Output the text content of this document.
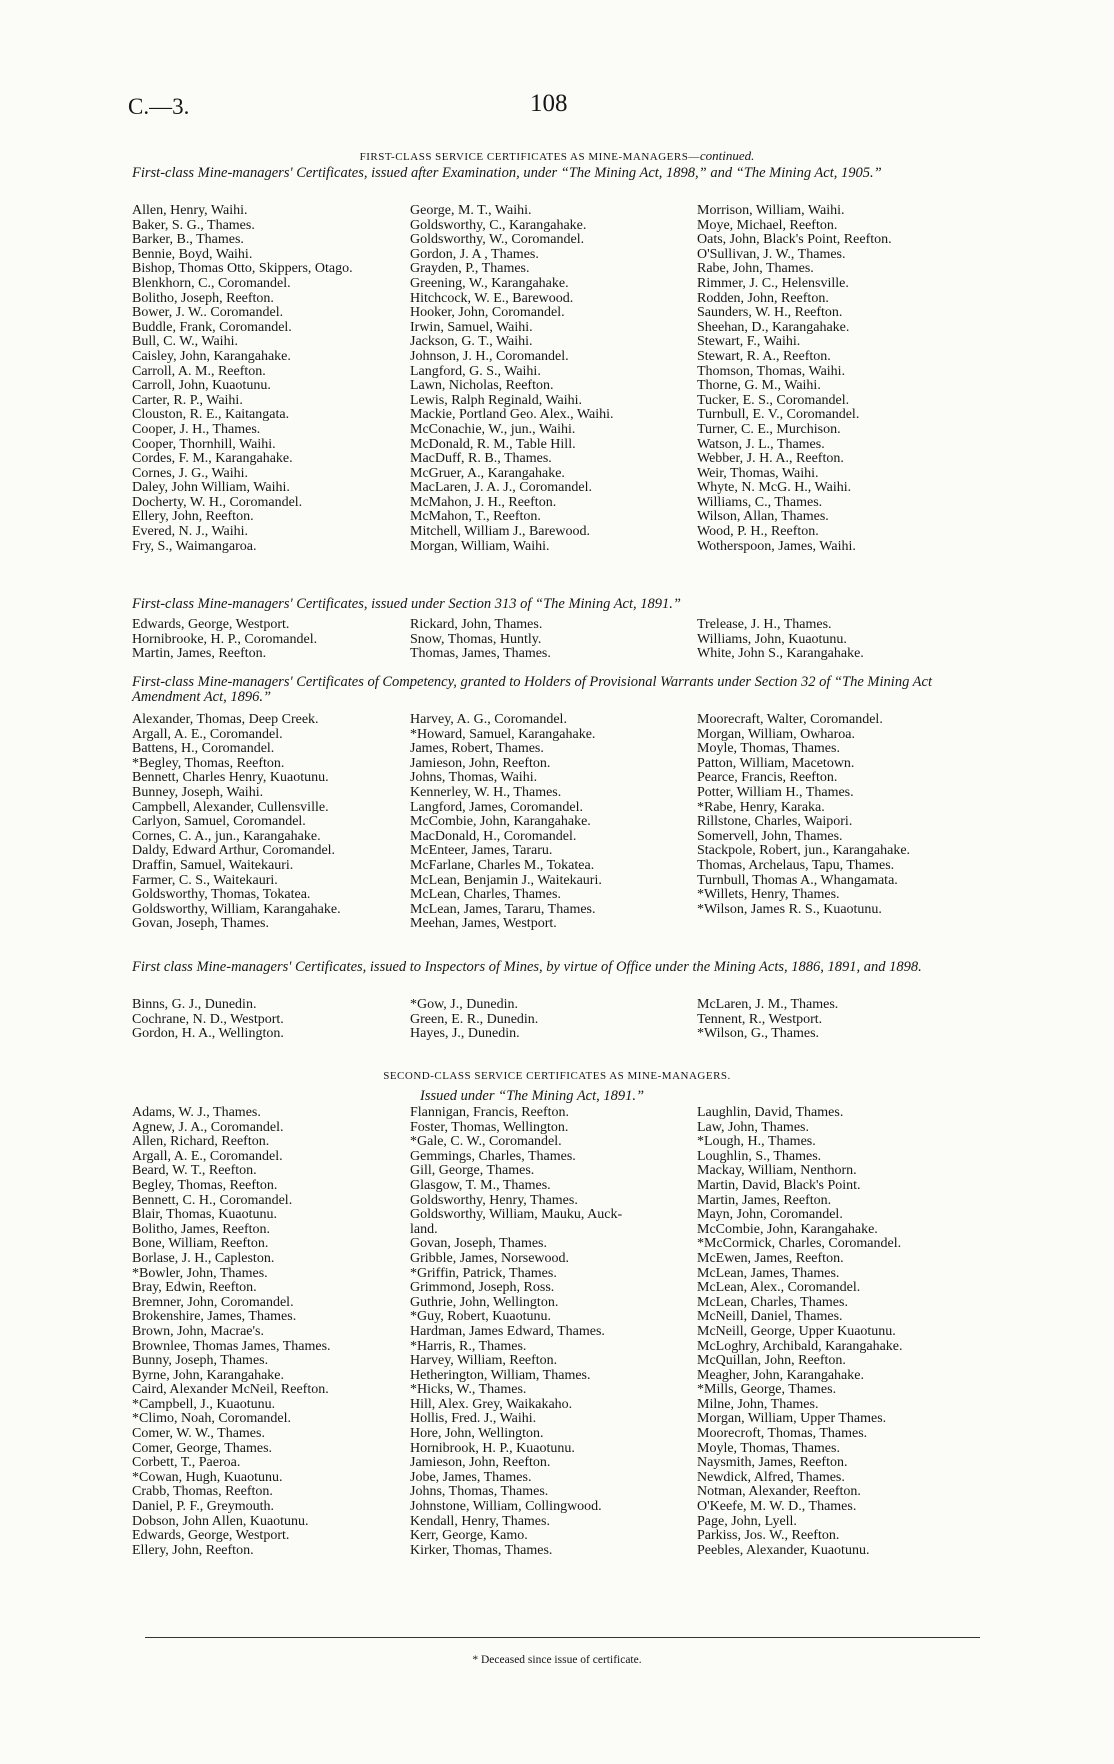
C.—3.	108
FIRST-CLASS SERVICE CERTIFICATES AS MINE-MANAGERS—continued.
First-class Mine-managers' Certificates, issued after Examination, under “The Mining Act, 1898,” and “The Mining Act, 1905.”
Allen, Henry, Waihi.
Baker, S. G., Thames.
Barker, B., Thames.
Bennie, Boyd, Waihi.
Bishop, Thomas Otto, Skippers, Otago.
Blenkhorn, C., Coromandel.
Bolitho, Joseph, Reefton.
Bower, J. W.. Coromandel.
Buddle, Frank, Coromandel.
Bull, C. W., Waihi.
Caisley, John, Karangahake.
Carroll, A. M., Reefton.
Carroll, John, Kuaotunu.
Carter, R. P., Waihi.
Clouston, R. E., Kaitangata.
Cooper, J. H., Thames.
Cooper, Thornhill, Waihi.
Cordes, F. M., Karangahake.
Cornes, J. G., Waihi.
Daley, John William, Waihi.
Docherty, W. H., Coromandel.
Ellery, John, Reefton.
Evered, N. J., Waihi.
Fry, S., Waimangaroa.
George, M. T., Waihi.
Goldsworthy, C., Karangahake.
Goldsworthy, W., Coromandel.
Gordon, J. A , Thames.
Grayden, P., Thames.
Greening, W., Karangahake.
Hitchcock, W. E., Barewood.
Hooker, John, Coromandel.
Irwin, Samuel, Waihi.
Jackson, G. T., Waihi.
Johnson, J. H., Coromandel.
Langford, G. S., Waihi.
Lawn, Nicholas, Reefton.
Lewis, Ralph Reginald, Waihi.
Mackie, Portland Geo. Alex., Waihi.
McConachie, W., jun., Waihi.
McDonald, R. M., Table Hill.
MacDuff, R. B., Thames.
McGruer, A., Karangahake.
MacLaren, J. A. J., Coromandel.
McMahon, J. H., Reefton.
McMahon, T., Reefton.
Mitchell, William J., Barewood.
Morgan, William, Waihi.
Morrison, William, Waihi.
Moye, Michael, Reefton.
Oats, John, Black's Point, Reefton.
O'Sullivan, J. W., Thames.
Rabe, John, Thames.
Rimmer, J. C., Helensville.
Rodden, John, Reefton.
Saunders, W. H., Reefton.
Sheehan, D., Karangahake.
Stewart, F., Waihi.
Stewart, R. A., Reefton.
Thomson, Thomas, Waihi.
Thorne, G. M., Waihi.
Tucker, E. S., Coromandel.
Turnbull, E. V., Coromandel.
Turner, C. E., Murchison.
Watson, J. L., Thames.
Webber, J. H. A., Reefton.
Weir, Thomas, Waihi.
Whyte, N. McG. H., Waihi.
Williams, C., Thames.
Wilson, Allan, Thames.
Wood, P. H., Reefton.
Wotherspoon, James, Waihi.
First-class Mine-managers' Certificates, issued under Section 313 of “The Mining Act, 1891.”
Edwards, George, Westport.
Hornibrooke, H. P., Coromandel.
Martin, James, Reefton.
Rickard, John, Thames.
Snow, Thomas, Huntly.
Thomas, James, Thames.
Trelease, J. H., Thames.
Williams, John, Kuaotunu.
White, John S., Karangahake.
First-class Mine-managers' Certificates of Competency, granted to Holders of Provisional Warrants under Section 32 of “The Mining Act Amendment Act, 1896.”
Alexander, Thomas, Deep Creek.
Argall, A. E., Coromandel.
Battens, H., Coromandel.
*Begley, Thomas, Reefton.
Bennett, Charles Henry, Kuaotunu.
Bunney, Joseph, Waihi.
Campbell, Alexander, Cullensville.
Carlyon, Samuel, Coromandel.
Cornes, C. A., jun., Karangahake.
Daldy, Edward Arthur, Coromandel.
Draffin, Samuel, Waitekauri.
Farmer, C. S., Waitekauri.
Goldsworthy, Thomas, Tokatea.
Goldsworthy, William, Karangahake.
Govan, Joseph, Thames.
Harvey, A. G., Coromandel.
*Howard, Samuel, Karangahake.
James, Robert, Thames.
Jamieson, John, Reefton.
Johns, Thomas, Waihi.
Kennerley, W. H., Thames.
Langford, James, Coromandel.
McCombie, John, Karangahake.
MacDonald, H., Coromandel.
McEnteer, James, Tararu.
McFarlane, Charles M., Tokatea.
McLean, Benjamin J., Waitekauri.
McLean, Charles, Thames.
McLean, James, Tararu, Thames.
Meehan, James, Westport.
Moorecraft, Walter, Coromandel.
Morgan, William, Owharoa.
Moyle, Thomas, Thames.
Patton, William, Macetown.
Pearce, Francis, Reefton.
Potter, William H., Thames.
*Rabe, Henry, Karaka.
Rillstone, Charles, Waipori.
Somervell, John, Thames.
Stackpole, Robert, jun., Karangahake.
Thomas, Archelaus, Tapu, Thames.
Turnbull, Thomas A., Whangamata.
*Willets, Henry, Thames.
*Wilson, James R. S., Kuaotunu.
First class Mine-managers' Certificates, issued to Inspectors of Mines, by virtue of Office under the Mining Acts, 1886, 1891, and 1898.
Binns, G. J., Dunedin.
Cochrane, N. D., Westport.
Gordon, H. A., Wellington.
*Gow, J., Dunedin.
Green, E. R., Dunedin.
Hayes, J., Dunedin.
McLaren, J. M., Thames.
Tennent, R., Westport.
*Wilson, G., Thames.
SECOND-CLASS SERVICE CERTIFICATES AS MINE-MANAGERS.
Issued under “The Mining Act, 1891.”
Adams, W. J., Thames.
Agnew, J. A., Coromandel.
Allen, Richard, Reefton.
Argall, A. E., Coromandel.
Beard, W. T., Reefton.
Begley, Thomas, Reefton.
Bennett, C. H., Coromandel.
Blair, Thomas, Kuaotunu.
Bolitho, James, Reefton.
Bone, William, Reefton.
Borlase, J. H., Capleston.
*Bowler, John, Thames.
Bray, Edwin, Reefton.
Bremner, John, Coromandel.
Brokenshire, James, Thames.
Brown, John, Macrae's.
Brownlee, Thomas James, Thames.
Bunny, Joseph, Thames.
Byrne, John, Karangahake.
Caird, Alexander McNeil, Reefton.
*Campbell, J., Kuaotunu.
*Climo, Noah, Coromandel.
Comer, W. W., Thames.
Comer, George, Thames.
Corbett, T., Paeroa.
*Cowan, Hugh, Kuaotunu.
Crabb, Thomas, Reefton.
Daniel, P. F., Greymouth.
Dobson, John Allen, Kuaotunu.
Edwards, George, Westport.
Ellery, John, Reefton.
Flannigan, Francis, Reefton.
Foster, Thomas, Wellington.
*Gale, C. W., Coromandel.
Gemmings, Charles, Thames.
Gill, George, Thames.
Glasgow, T. M., Thames.
Goldsworthy, Henry, Thames.
Goldsworthy, William, Mauku, Auck-
land.
Govan, Joseph, Thames.
Gribble, James, Norsewood.
*Griffin, Patrick, Thames.
Grimmond, Joseph, Ross.
Guthrie, John, Wellington.
*Guy, Robert, Kuaotunu.
Hardman, James Edward, Thames.
*Harris, R., Thames.
Harvey, William, Reefton.
Hetherington, William, Thames.
*Hicks, W., Thames.
Hill, Alex. Grey, Waikakaho.
Hollis, Fred. J., Waihi.
Hore, John, Wellington.
Hornibrook, H. P., Kuaotunu.
Jamieson, John, Reefton.
Jobe, James, Thames.
Johns, Thomas, Thames.
Johnstone, William, Collingwood.
Kendall, Henry, Thames.
Kerr, George, Kamo.
Kirker, Thomas, Thames.
Laughlin, David, Thames.
Law, John, Thames.
*Lough, H., Thames.
Loughlin, S., Thames.
Mackay, William, Nenthorn.
Martin, David, Black's Point.
Martin, James, Reefton.
Mayn, John, Coromandel.
McCombie, John, Karangahake.
*McCormick, Charles, Coromandel.
McEwen, James, Reefton.
McLean, James, Thames.
McLean, Alex., Coromandel.
McLean, Charles, Thames.
McNeill, Daniel, Thames.
McNeill, George, Upper Kuaotunu.
McLoghry, Archibald, Karangahake.
McQuillan, John, Reefton.
Meagher, John, Karangahake.
*Mills, George, Thames.
Milne, John, Thames.
Morgan, William, Upper Thames.
Moorecroft, Thomas, Thames.
Moyle, Thomas, Thames.
Naysmith, James, Reefton.
Newdick, Alfred, Thames.
Notman, Alexander, Reefton.
O'Keefe, M. W. D., Thames.
Page, John, Lyell.
Parkiss, Jos. W., Reefton.
Peebles, Alexander, Kuaotunu.
* Deceased since issue of certificate.
